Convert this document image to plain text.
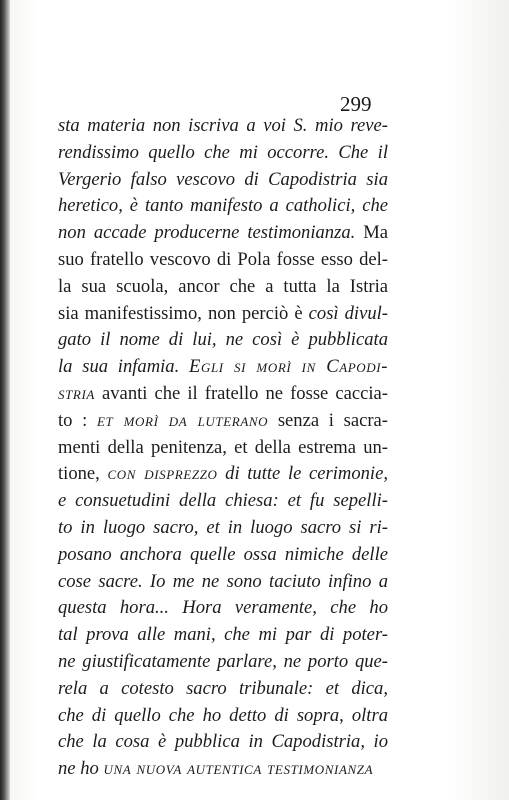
299
sta materia non iscriva a voi S. mio reve-
rendissimo quello che mi occorre. Che il
Vergerio falso vescovo di Capodistria sia
heretico, è tanto manifesto a catholici, che
non accade producerne testimonianza. Ma
suo fratello vescovo di Pola fosse esso del-
la sua scuola, ancor che a tutta la Istria
sia manifestissimo, non perciò è così divul-
gato il nome di lui, ne così è pubblicata
la sua infamia. Egli si morì in Capodi-
stria avanti che il fratello ne fosse caccia-
to : et morì da luterano senza i sacra-
menti della penitenza, et della estrema un-
tione, con disprezzo di tutte le cerimonie,
e consuetudini della chiesa: et fu sepelli-
to in luogo sacro, et in luogo sacro si ri-
posano anchora quelle ossa nimiche delle
cose sacre. Io me ne sono taciuto infino a
questa hora... Hora veramente, che ho
tal prova alle mani, che mi par di poter-
ne giustificatamente parlare, ne porto que-
rela a cotesto sacro tribunale: et dica,
che di quello che ho detto di sopra, oltra
che la cosa è pubblica in Capodistria, io
ne ho una nuova autentica testimonianza
